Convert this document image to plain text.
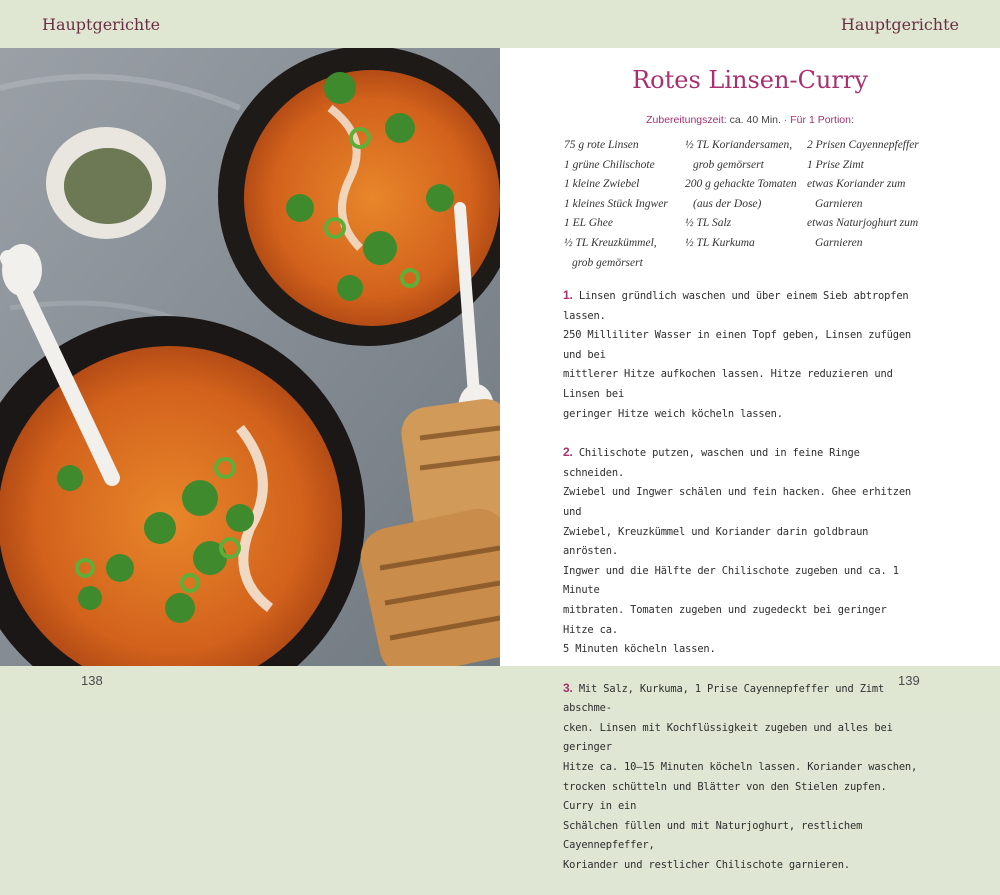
Hauptgerichte	Hauptgerichte
Rotes Linsen-Curry
Zubereitungszeit: ca. 40 Min. · Für 1 Portion:
75 g rote Linsen
1 grüne Chilischote
1 kleine Zwiebel
1 kleines Stück Ingwer
1 EL Ghee
½ TL Kreuzkümmel,
grob gemörsert
½ TL Koriandersamen,
grob gemörsert
200 g gehackte Tomaten
(aus der Dose)
½ TL Salz
½ TL Kurkuma
2 Prisen Cayennepfeffer
1 Prise Zimt
etwas Koriander zum
Garnieren
etwas Naturjoghurt zum
Garnieren
1. Linsen gründlich waschen und über einem Sieb abtropfen lassen.
250 Milliliter Wasser in einen Topf geben, Linsen zufügen und bei
mittlerer Hitze aufkochen lassen. Hitze reduzieren und Linsen bei
geringer Hitze weich köcheln lassen.
2. Chilischote putzen, waschen und in feine Ringe schneiden.
Zwiebel und Ingwer schälen und fein hacken. Ghee erhitzen und
Zwiebel, Kreuzkümmel und Koriander darin goldbraun anrösten.
Ingwer und die Hälfte der Chilischote zugeben und ca. 1 Minute
mitbraten. Tomaten zugeben und zugedeckt bei geringer Hitze ca.
5 Minuten köcheln lassen.
3. Mit Salz, Kurkuma, 1 Prise Cayennepfeffer und Zimt abschme-
cken. Linsen mit Kochflüssigkeit zugeben und alles bei geringer
Hitze ca. 10–15 Minuten köcheln lassen. Koriander waschen,
trocken schütteln und Blätter von den Stielen zupfen. Curry in ein
Schälchen füllen und mit Naturjoghurt, restlichem Cayennepfeffer,
Koriander und restlicher Chilischote garnieren.
138	139
